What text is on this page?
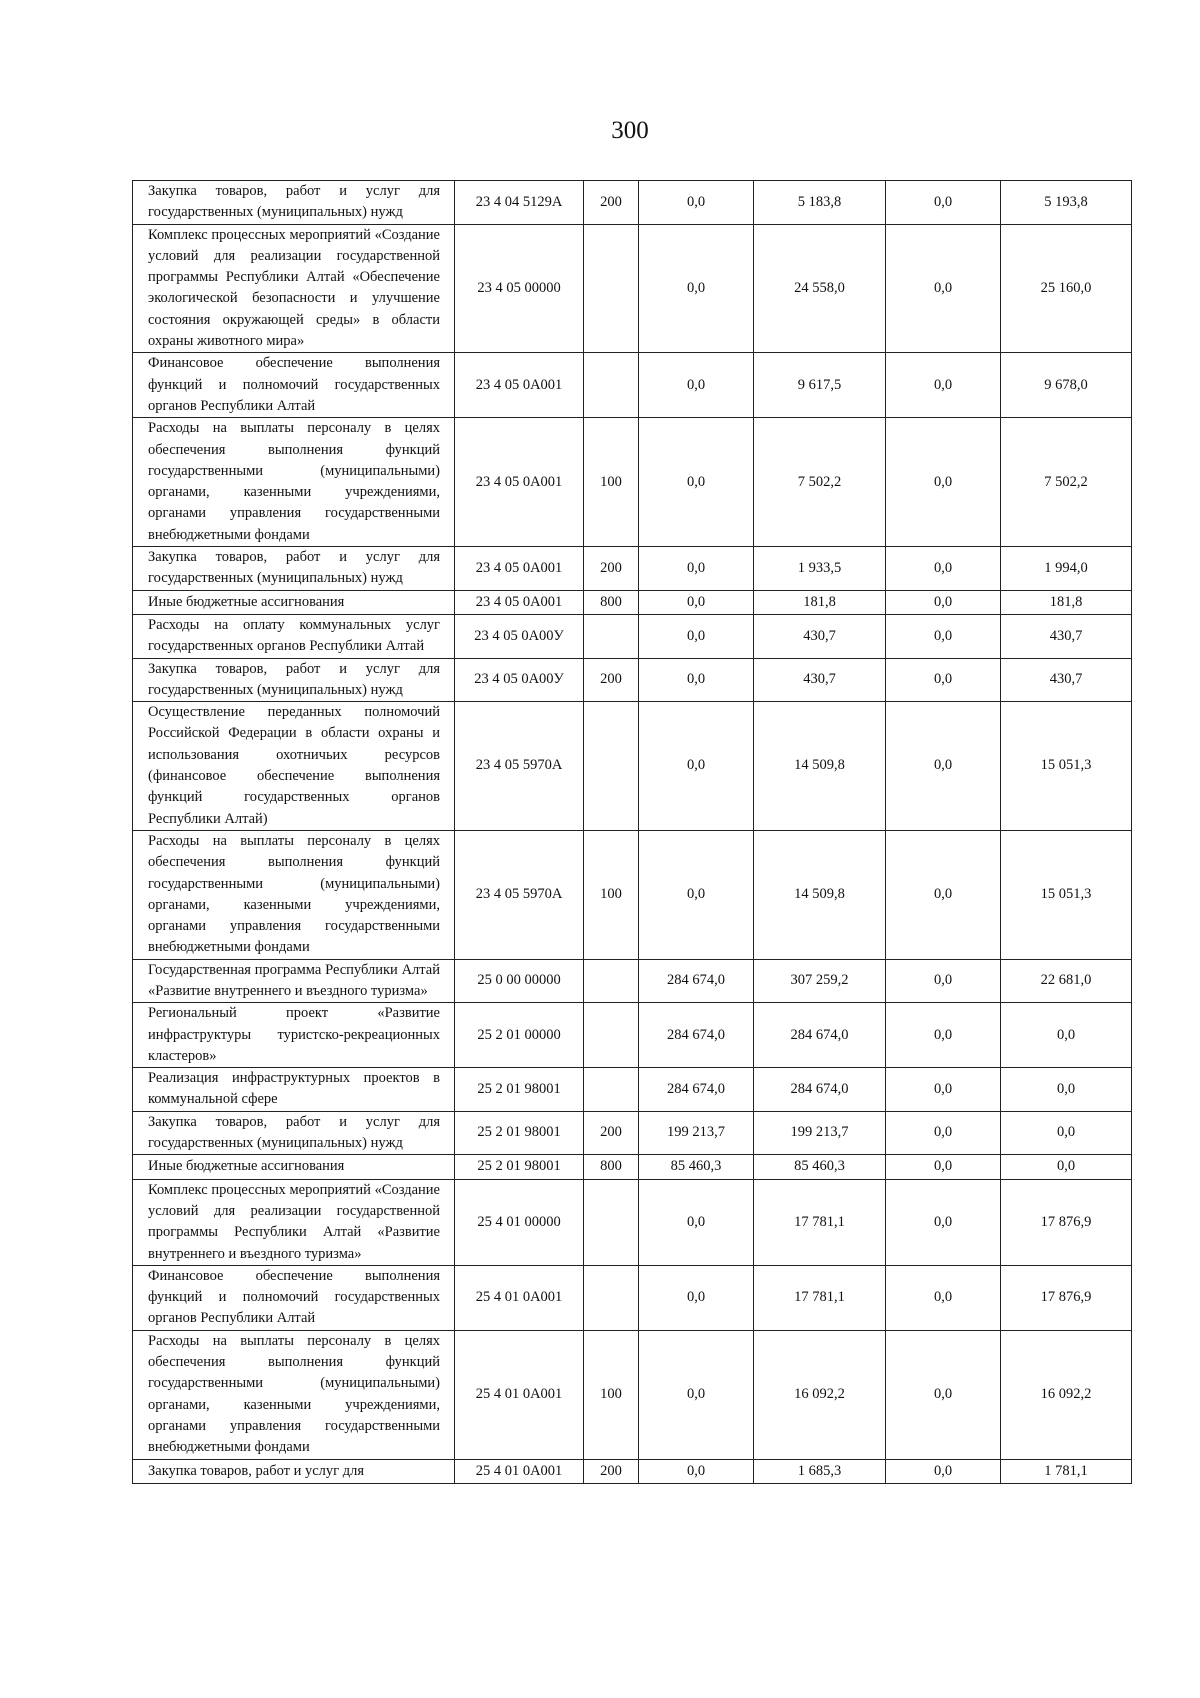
300
Закупка товаров, работ и услуг для государственных (муниципальных) нужд	23 4 04 5129А	200	0,0	5 183,8	0,0	5 193,8
Комплекс процессных мероприятий «Создание условий для реализации государственной программы Республики Алтай «Обеспечение экологической безопасности и улучшение состояния окружающей среды» в области охраны животного мира»	23 4 05 00000		0,0	24 558,0	0,0	25 160,0
Финансовое обеспечение выполнения функций и полномочий государственных органов Республики Алтай	23 4 05 0А001		0,0	9 617,5	0,0	9 678,0
Расходы на выплаты персоналу в целях обеспечения выполнения функций государственными (муниципальными) органами, казенными учреждениями, органами управления государственными внебюджетными фондами	23 4 05 0А001	100	0,0	7 502,2	0,0	7 502,2
Закупка товаров, работ и услуг для государственных (муниципальных) нужд	23 4 05 0А001	200	0,0	1 933,5	0,0	1 994,0
Иные бюджетные ассигнования	23 4 05 0А001	800	0,0	181,8	0,0	181,8
Расходы на оплату коммунальных услуг государственных органов Республики Алтай	23 4 05 0А00У		0,0	430,7	0,0	430,7
Закупка товаров, работ и услуг для государственных (муниципальных) нужд	23 4 05 0А00У	200	0,0	430,7	0,0	430,7
Осуществление переданных полномочий Российской Федерации в области охраны и использования охотничьих ресурсов (финансовое обеспечение выполнения функций государственных органов Республики Алтай)	23 4 05 5970А		0,0	14 509,8	0,0	15 051,3
Расходы на выплаты персоналу в целях обеспечения выполнения функций государственными (муниципальными) органами, казенными учреждениями, органами управления государственными внебюджетными фондами	23 4 05 5970А	100	0,0	14 509,8	0,0	15 051,3
Государственная программа Республики Алтай «Развитие внутреннего и въездного туризма»	25 0 00 00000		284 674,0	307 259,2	0,0	22 681,0
Региональный проект «Развитие инфраструктуры туристско-рекреационных кластеров»	25 2 01 00000		284 674,0	284 674,0	0,0	0,0
Реализация инфраструктурных проектов в коммунальной сфере	25 2 01 98001		284 674,0	284 674,0	0,0	0,0
Закупка товаров, работ и услуг для государственных (муниципальных) нужд	25 2 01 98001	200	199 213,7	199 213,7	0,0	0,0
Иные бюджетные ассигнования	25 2 01 98001	800	85 460,3	85 460,3	0,0	0,0
Комплекс процессных мероприятий «Создание условий для реализации государственной программы Республики Алтай «Развитие внутреннего и въездного туризма»	25 4 01 00000		0,0	17 781,1	0,0	17 876,9
Финансовое обеспечение выполнения функций и полномочий государственных органов Республики Алтай	25 4 01 0А001		0,0	17 781,1	0,0	17 876,9
Расходы на выплаты персоналу в целях обеспечения выполнения функций государственными (муниципальными) органами, казенными учреждениями, органами управления государственными внебюджетными фондами	25 4 01 0А001	100	0,0	16 092,2	0,0	16 092,2
Закупка товаров, работ и услуг для	25 4 01 0А001	200	0,0	1 685,3	0,0	1 781,1
